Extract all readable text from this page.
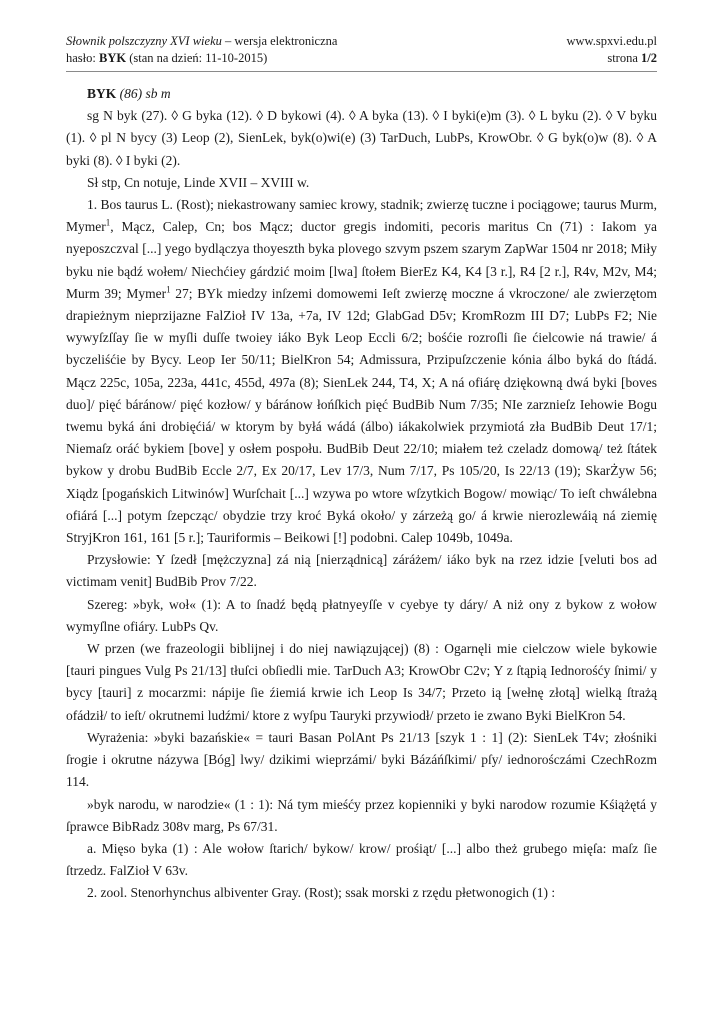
Słownik polszczyzny XVI wieku – wersja elektroniczna	www.spxvi.edu.pl
hasło: BYK (stan na dzień: 11-10-2015)	strona 1/2

BYK (86) sb m

sg N byk (27). ◊ G byka (12). ◊ D bykowi (4). ◊ A byka (13). ◊ I byki(e)m (3). ◊ L byku (2). ◊ V byku (1). ◊ pl N bycy (3) Leop (2), SienLek, byk(o)wi(e) (3) TarDuch, LubPs, KrowObr. ◊ G byk(o)w (8). ◊ A byki (8). ◊ I byki (2).

Sł stp, Cn notuje, Linde XVII – XVIII w.

1. Bos taurus L. (Rost); niekastrowany samiec krowy, stadnik; zwierzę tuczne i pociągowe; taurus Murm, Mymer$^1$, Mącz, Calep, Cn; bos Mącz; ductor gregis indomiti, pecoris maritus Cn (71) : Iakom ya nyeposzczval [...] yego bydlączya thoyeszth byka plovego szvym pszem szarym ZapWar 1504 nr 2018; Miły byku nie bądź wołem/ Niechćiey gárdzić moim [lwa] ſtołem BierEz K4, K4 [3 r.], R4 [2 r.], R4v, M2v, M4; Murm 39; Mymer$^1$ 27; BYk miedzy inſzemi domowemi Ieſt zwierzę moczne á vkroczone/ ale zwierzętom drapieżnym nieprzijazne FalZioł IV 13a, +7a, IV 12d; GlabGad D5v; KromRozm III D7; LubPs F2; Nie wywyſzſſay ſie w myſli duſſe twoiey iáko Byk Leop Eccli 6/2; bośćie rozroſli ſie ćielcowie ná trawie/ á byczeliśćie by Bycy. Leop Ier 50/11; BielKron 54; Admissura, Przipuſzczenie kónia álbo byká do ſtádá. Mącz 225c, 105a, 223a, 441c, 455d, 497a (8); SienLek 244, T4, X; A ná ofiárę dziękowną dwá byki [boves duo]/ pięć báránow/ pięć kozłow/ y báránow łońſkich pięć BudBib Num 7/35; NIe zarznieſz Iehowie Bogu twemu byká áni drobięćiá/ w ktorym by byłá wádá (álbo) iákakolwiek przymiotá zła BudBib Deut 17/1; Niemaſz oráć bykiem [bove] y osłem pospołu. BudBib Deut 22/10; miałem też czeladz domową/ też ſtátek bykow y drobu BudBib Eccle 2/7, Ex 20/17, Lev 17/3, Num 7/17, Ps 105/20, Is 22/13 (19); SkarŻyw 56; Xiądz [pogańskich Litwinów] Wurſchait [...] wzywa po wtore wſzytkich Bogow/ mowiąc/ To ieſt chwálebna ofiárá [...] potym ſzepcząc/ obydzie trzy kroć Byká około/ y zárzeżą go/ á krwie nierozlewáią ná ziemię StryjKron 161, 161 [5 r.]; Tauriformis – Beikowi [!] podobni. Calep 1049b, 1049a.

Przysłowie: Y ſzedł [mężczyzna] zá nią [nierządnicą] záráżem/ iáko byk na rzez idzie [veluti bos ad victimam venit] BudBib Prov 7/22.

Szereg: »byk, woł« (1): A to ſnadź będą płatnyeyſſe v cyebye ty dáry/ A niż ony z bykow z wołow wymyſlne ofiáry. LubPs Qv.

W przen (we frazeologii biblijnej i do niej nawiązującej) (8) : Ogarnęli mie cielczow wiele bykowie [tauri pingues Vulg Ps 21/13] tłuſci obſiedli mie. TarDuch A3; KrowObr C2v; Y z ſtąpią Iednorośćy ſnimi/ y bycy [tauri] z mocarzmi: nápije ſie źiemiá krwie ich Leop Is 34/7; Przeto ią [wełnę złotą] wielką ſtrażą ofádził/ to ieſt/ okrutnemi ludźmi/ ktore z wyſpu Tauryki przywiodł/ przeto ie zwano Byki BielKron 54.

Wyrażenia: »byki bazańskie« = tauri Basan PolAnt Ps 21/13 [szyk 1 : 1] (2): SienLek T4v; złośniki ſrogie i okrutne názywa [Bóg] lwy/ dzikimi wieprzámi/ byki Bázáńſkimi/ pſy/ iednorośczámi CzechRozm 114.

»byk narodu, w narodzie« (1 : 1): Ná tym mieśćy przez kopienniki y byki narodow rozumie Kśiążętá y ſprawce BibRadz 308v marg, Ps 67/31.

a. Mięso byka (1) : Ale wołow ſtarich/ bykow/ krow/ prośiąt/ [...] albo theż grubego mięſa: maſz ſie ſtrzedz. FalZioł V 63v.

2. zool. Stenorhynchus albiventer Gray. (Rost); ssak morski z rzędu płetwonogich (1) :
